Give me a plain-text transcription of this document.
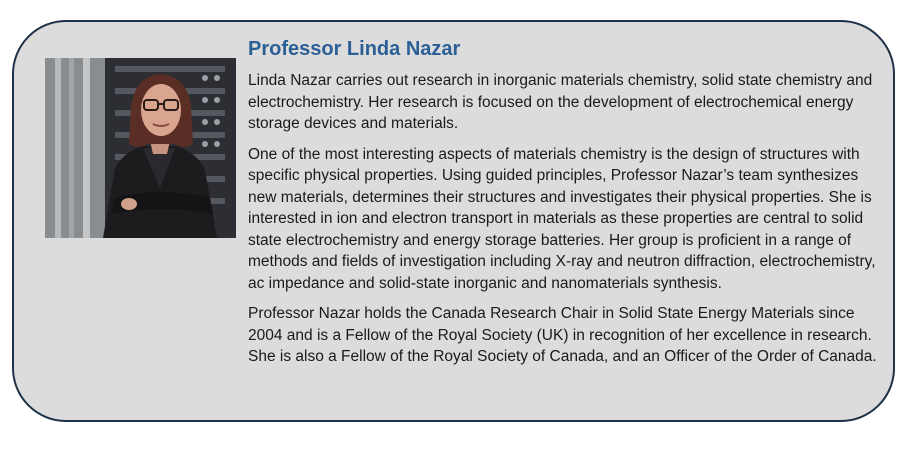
Professor Linda Nazar

Linda Nazar carries out research in inorganic materials chemistry, solid state chemistry and electrochemistry. Her research is focused on the development of electrochemical energy storage devices and materials.

One of the most interesting aspects of materials chemistry is the design of structures with specific physical properties. Using guided principles, Professor Nazar’s team synthesizes new materials, determines their structures and investigates their physical properties. She is interested in ion and electron transport in materials as these properties are central to solid state electrochemistry and energy storage batteries. Her group is proficient in a range of methods and fields of investigation including X-ray and neutron diffraction, electrochemistry, ac impedance and solid-state inorganic and nanomaterials synthesis.

Professor Nazar holds the Canada Research Chair in Solid State Energy Materials since 2004 and is a Fellow of the Royal Society (UK) in recognition of her excellence in research. She is also a Fellow of the Royal Society of Canada, and an Officer of the Order of Canada.
